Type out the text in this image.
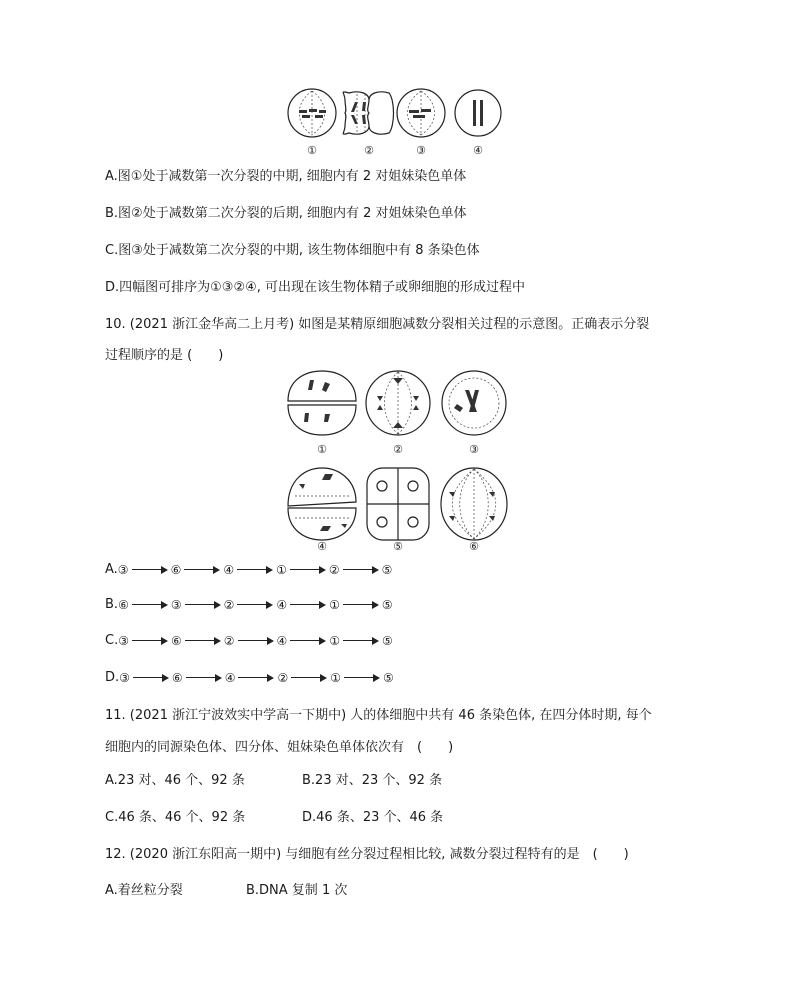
①	②	③	④
A.图①处于减数第一次分裂的中期, 细胞内有 2 对姐妹染色单体
B.图②处于减数第二次分裂的后期, 细胞内有 2 对姐妹染色单体
C.图③处于减数第二次分裂的中期, 该生物体细胞中有 8 条染色体
D.四幅图可排序为①③②④, 可出现在该生物体精子或卵细胞的形成过程中
10. (2021 浙江金华高二上月考) 如图是某精原细胞减数分裂相关过程的示意图。正确表示分裂
过程顺序的是 (　　)
①	②	③
④	⑤	⑥
A. ③	⑥	④	①	②	⑤
B. ⑥	③	②	④	①	⑤
C. ③	⑥	②	④	①	⑤
D. ③	⑥	④	②	①	⑤
11. (2021 浙江宁波效实中学高一下期中) 人的体细胞中共有 46 条染色体, 在四分体时期, 每个
细胞内的同源染色体、四分体、姐妹染色单体依次有　(　　)
A.23 对、46 个、92 条	B.23 对、23 个、92 条
C.46 条、46 个、92 条	D.46 条、23 个、46 条
12. (2020 浙江东阳高一期中) 与细胞有丝分裂过程相比较, 减数分裂过程特有的是　(　　)
A.着丝粒分裂	B.DNA 复制 1 次
